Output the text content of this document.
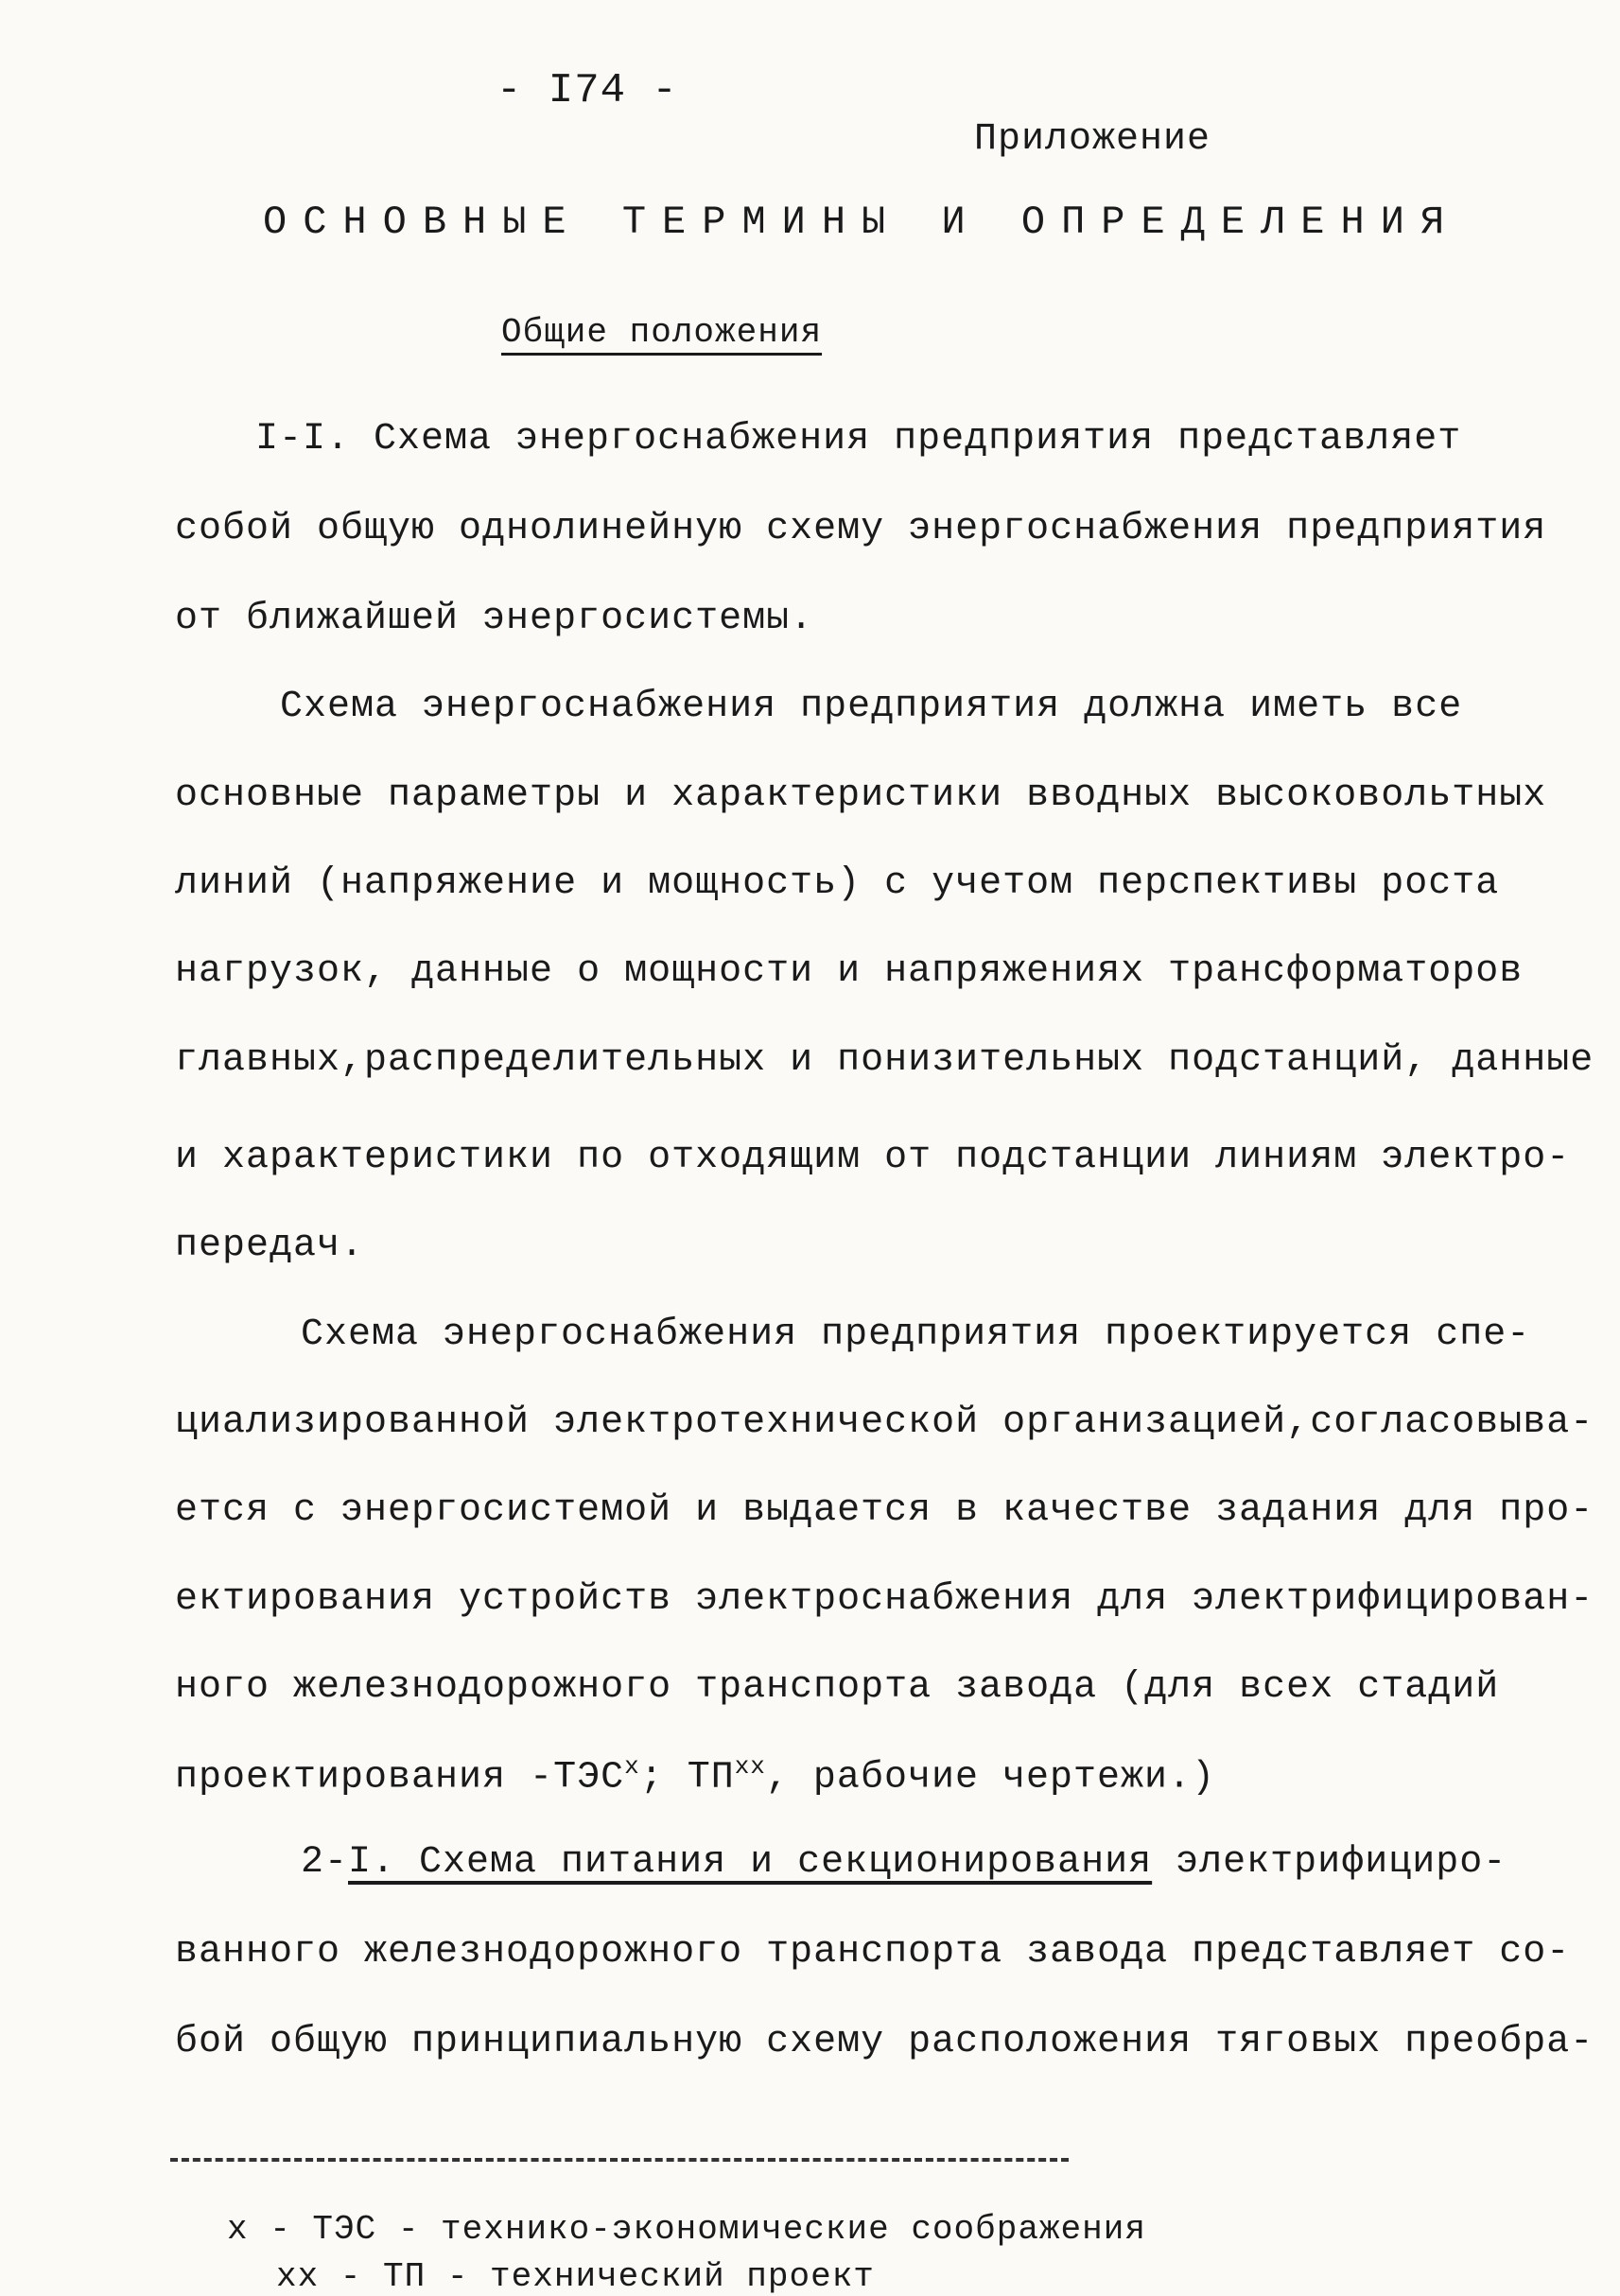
- I74 -
Приложение
ОСНОВНЫЕ ТЕРМИНЫ И ОПРЕДЕЛЕНИЯ
Общие положения
I-I. Схема энергоснабжения предприятия представляет
собой общую однолинейную схему энергоснабжения предприятия
от ближайшей энергосистемы.
Схема энергоснабжения предприятия должна иметь все
основные параметры и характеристики вводных высоковольтных
линий (напряжение и мощность) с учетом перспективы роста
нагрузок, данные о мощности и напряжениях трансформаторов
главных,распределительных и понизительных подстанций, данные
и характеристики по отходящим от подстанции линиям электро-
передач.
Схема энергоснабжения предприятия проектируется спе-
циализированной электротехнической организацией,согласовыва-
ется с энергосистемой и выдается в качестве задания для про-
ектирования устройств электроснабжения для электрифицирован-
ного железнодорожного транспорта завода (для всех стадий
проектирования $-ТЭС^х$; $ТП^{хх}$, рабочие чертежи.)
2-I. Схема питания и секционирования электрифициро-
ванного железнодорожного транспорта завода представляет со-
бой общую принципиальную схему расположения тяговых преобра-
х - ТЭС - технико-экономические соображения
хх - ТП - технический проект
